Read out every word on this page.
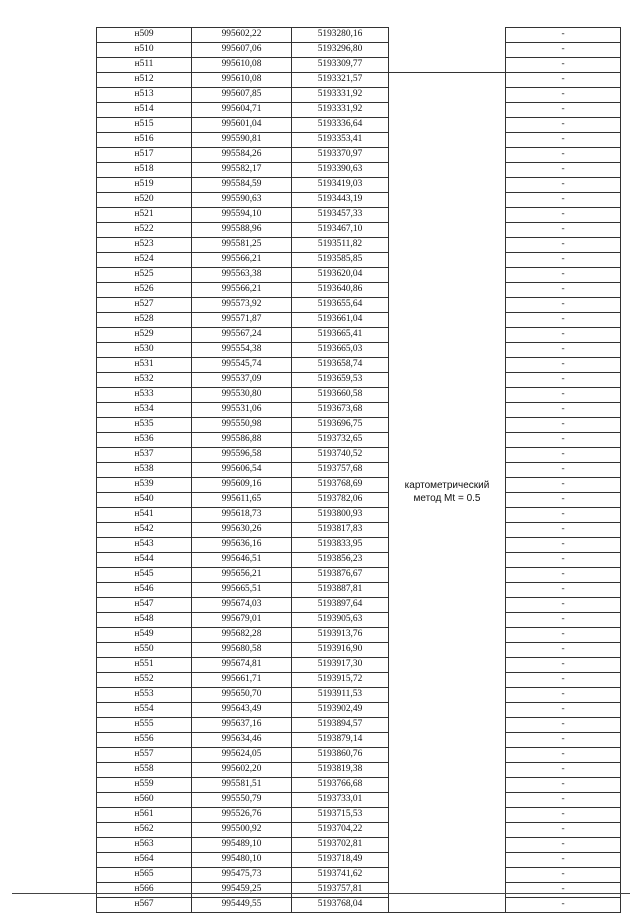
н509	995602,22	5193280,16		-
н510	995607,06	5193296,80		-
н511	995610,08	5193309,77		-
н512	995610,08	5193321,57	картометрический метод Mt = 0.5	-
н513	995607,85	5193331,92		-
н514	995604,71	5193331,92		-
н515	995601,04	5193336,64		-
н516	995590,81	5193353,41		-
н517	995584,26	5193370,97		-
н518	995582,17	5193390,63		-
н519	995584,59	5193419,03		-
н520	995590,63	5193443,19		-
н521	995594,10	5193457,33		-
н522	995588,96	5193467,10		-
н523	995581,25	5193511,82		-
н524	995566,21	5193585,85		-
н525	995563,38	5193620,04		-
н526	995566,21	5193640,86		-
н527	995573,92	5193655,64		-
н528	995571,87	5193661,04		-
н529	995567,24	5193665,41		-
н530	995554,38	5193665,03		-
н531	995545,74	5193658,74		-
н532	995537,09	5193659,53		-
н533	995530,80	5193660,58		-
н534	995531,06	5193673,68		-
н535	995550,98	5193696,75		-
н536	995586,88	5193732,65		-
н537	995596,58	5193740,52		-
н538	995606,54	5193757,68		-
н539	995609,16	5193768,69		-
н540	995611,65	5193782,06		-
н541	995618,73	5193800,93		-
н542	995630,26	5193817,83		-
н543	995636,16	5193833,95		-
н544	995646,51	5193856,23		-
н545	995656,21	5193876,67		-
н546	995665,51	5193887,81		-
н547	995674,03	5193897,64		-
н548	995679,01	5193905,63		-
н549	995682,28	5193913,76		-
н550	995680,58	5193916,90		-
н551	995674,81	5193917,30		-
н552	995661,71	5193915,72		-
н553	995650,70	5193911,53		-
н554	995643,49	5193902,49		-
н555	995637,16	5193894,57		-
н556	995634,46	5193879,14		-
н557	995624,05	5193860,76		-
н558	995602,20	5193819,38		-
н559	995581,51	5193766,68		-
н560	995550,79	5193733,01		-
н561	995526,76	5193715,53		-
н562	995500,92	5193704,22		-
н563	995489,10	5193702,81		-
н564	995480,10	5193718,49		-
н565	995475,73	5193741,62		-
н566	995459,25	5193757,81		-
н567	995449,55	5193768,04		-
